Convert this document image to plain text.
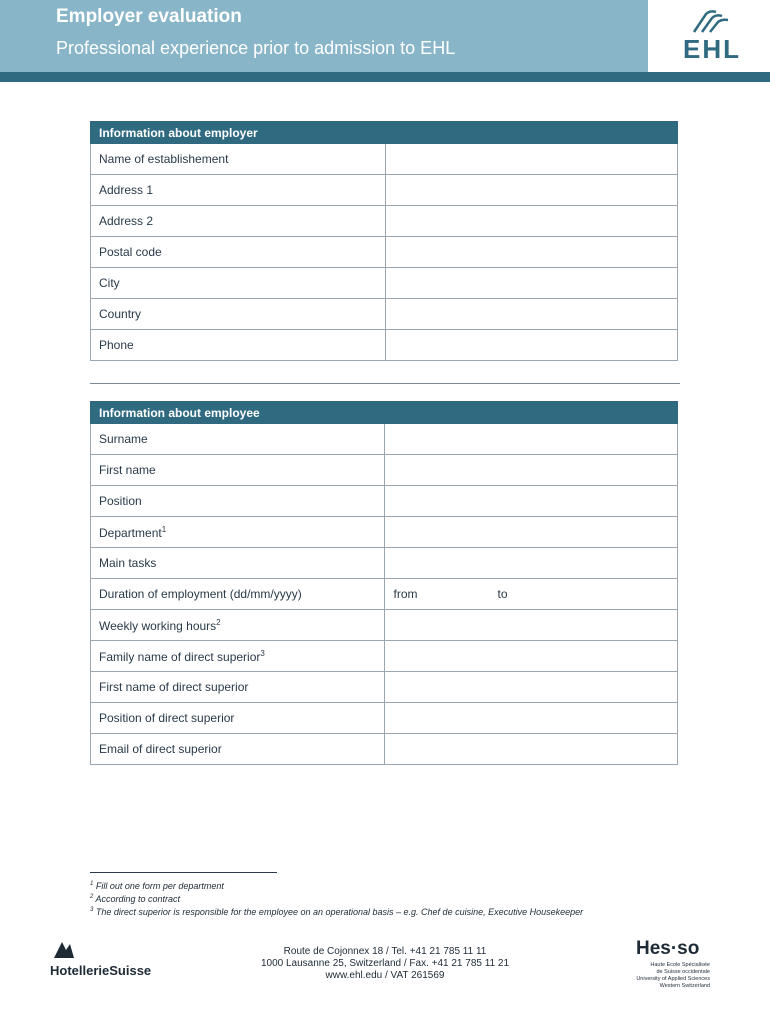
Employer evaluation
Professional experience prior to admission to EHL	EHL
Information about employer	
Name of establishement	
Address 1	
Address 2	
Postal code	
City	
Country	
Phone	
Information about employee	
Surname	
First name	
Position	
Department$^1$	
Main tasks	
Duration of employment (dd/mm/yyyy)	from to
Weekly working hours$^2$	
Family name of direct superior$^3$	
First name of direct superior	
Position of direct superior	
Email of direct superior	
$^1$ Fill out one form per department
$^2$ According to contract
$^3$ The direct superior is responsible for the employee on an operational basis – e.g. Chef de cuisine, Executive Housekeeper
HotellerieSuisse
Route de Cojonnex 18 / Tel. +41 21 785 11 11
1000 Lausanne 25, Switzerland / Fax. +41 21 785 11 21
www.ehl.edu / VAT 261569
Hes·so
Haute Ecole Spécialisée
de Suisse occidentale
University of Applied Sciences
Western Switzerland
